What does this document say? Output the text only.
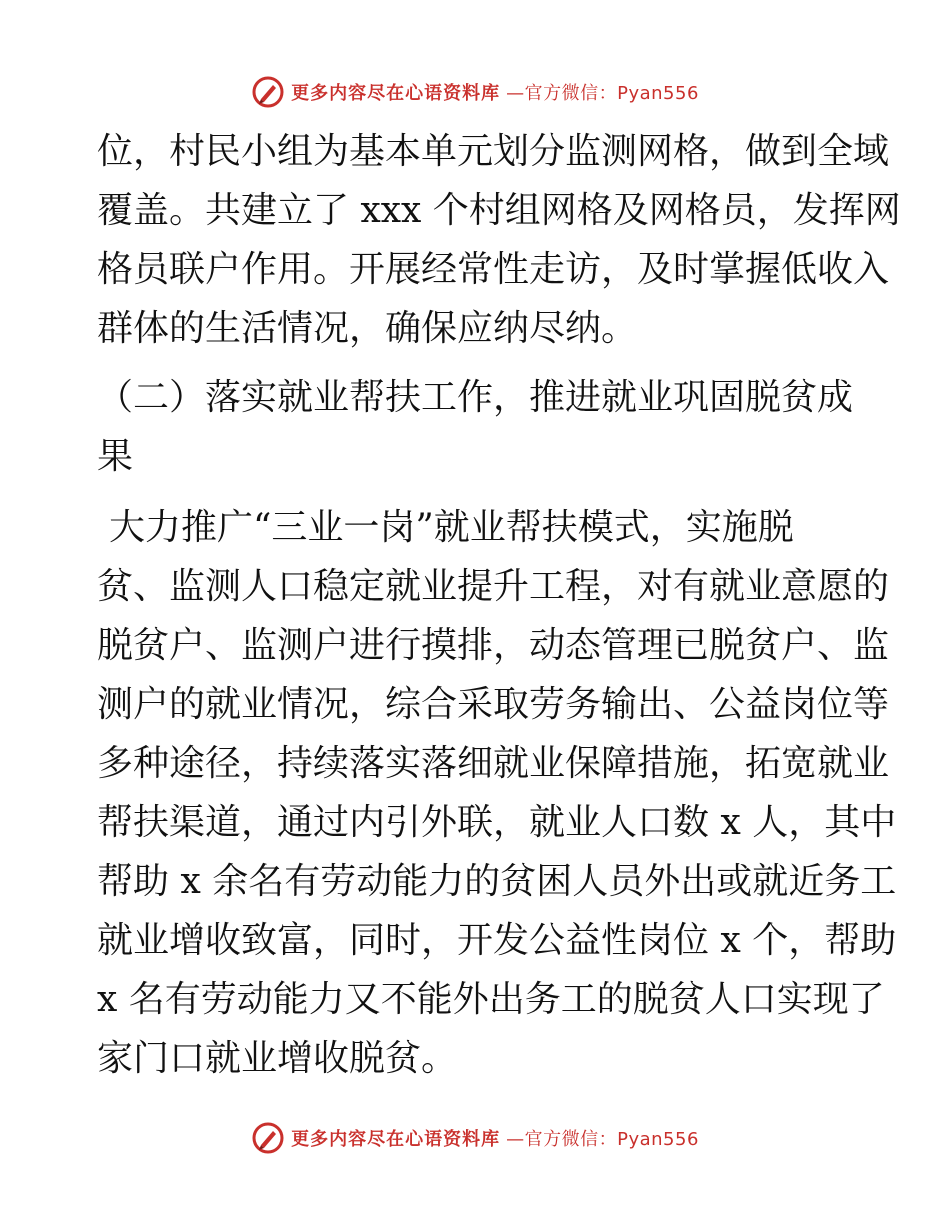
更多内容尽在心语资料库 —官方微信：Pyan556
位，村民小组为基本单元划分监测网格，做到全域
覆盖。共建立了 xxx 个村组网格及网格员，发挥网
格员联户作用。开展经常性走访，及时掌握低收入
群体的生活情况，确保应纳尽纳。
（二）落实就业帮扶工作，推进就业巩固脱贫成
果
大力推广“三业一岗”就业帮扶模式，实施脱
贫、监测人口稳定就业提升工程，对有就业意愿的
脱贫户、监测户进行摸排，动态管理已脱贫户、监
测户的就业情况，综合采取劳务输出、公益岗位等
多种途径，持续落实落细就业保障措施，拓宽就业
帮扶渠道，通过内引外联，就业人口数 x 人，其中
帮助 x 余名有劳动能力的贫困人员外出或就近务工
就业增收致富，同时，开发公益性岗位 x 个，帮助
x 名有劳动能力又不能外出务工的脱贫人口实现了
家门口就业增收脱贫。
更多内容尽在心语资料库 —官方微信：Pyan556
